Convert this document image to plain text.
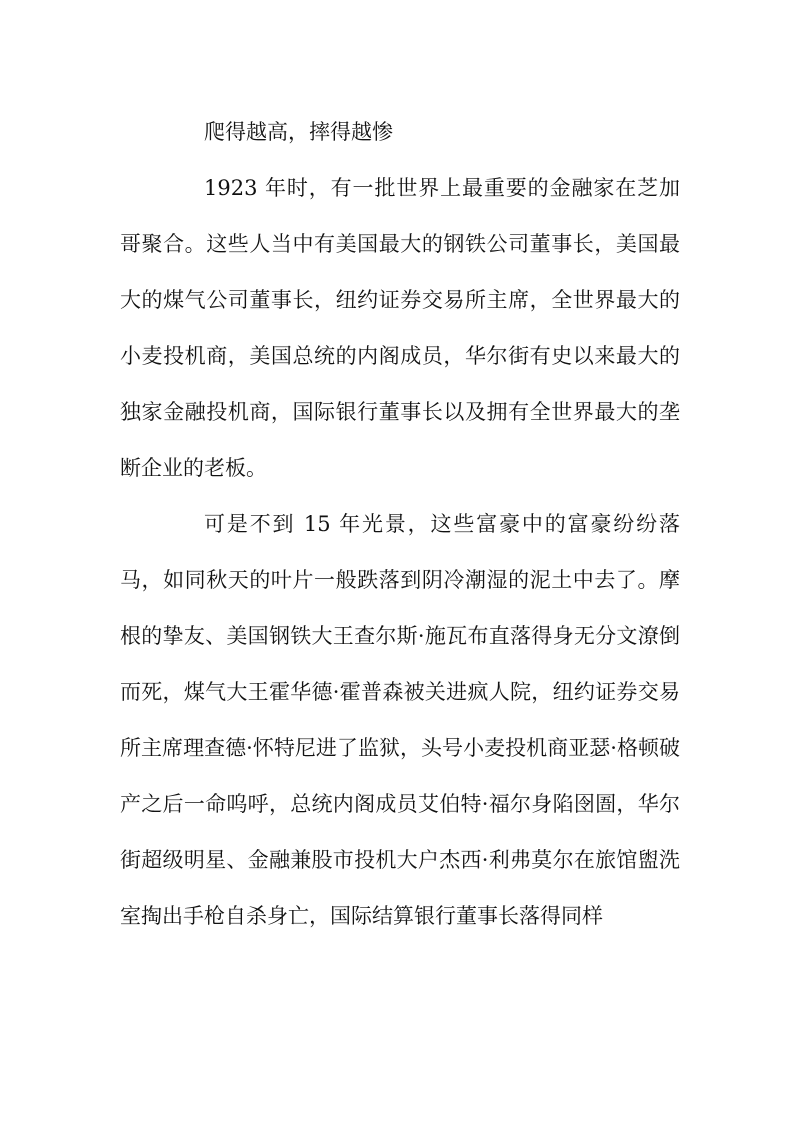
爬得越高，摔得越惨

1923 年时，有一批世界上最重要的金融家在芝加哥聚合。这些人当中有美国最大的钢铁公司董事长，美国最大的煤气公司董事长，纽约证券交易所主席，全世界最大的小麦投机商，美国总统的内阁成员，华尔街有史以来最大的独家金融投机商，国际银行董事长以及拥有全世界最大的垄断企业的老板。

可是不到 15 年光景，这些富豪中的富豪纷纷落马，如同秋天的叶片一般跌落到阴冷潮湿的泥土中去了。摩根的挚友、美国钢铁大王查尔斯·施瓦布直落得身无分文潦倒而死，煤气大王霍华德·霍普森被关进疯人院，纽约证券交易所主席理查德·怀特尼进了监狱，头号小麦投机商亚瑟·格顿破产之后一命呜呼，总统内阁成员艾伯特·福尔身陷囹圄，华尔街超级明星、金融兼股市投机大户杰西·利弗莫尔在旅馆盥洗室掏出手枪自杀身亡，国际结算银行董事长落得同样
